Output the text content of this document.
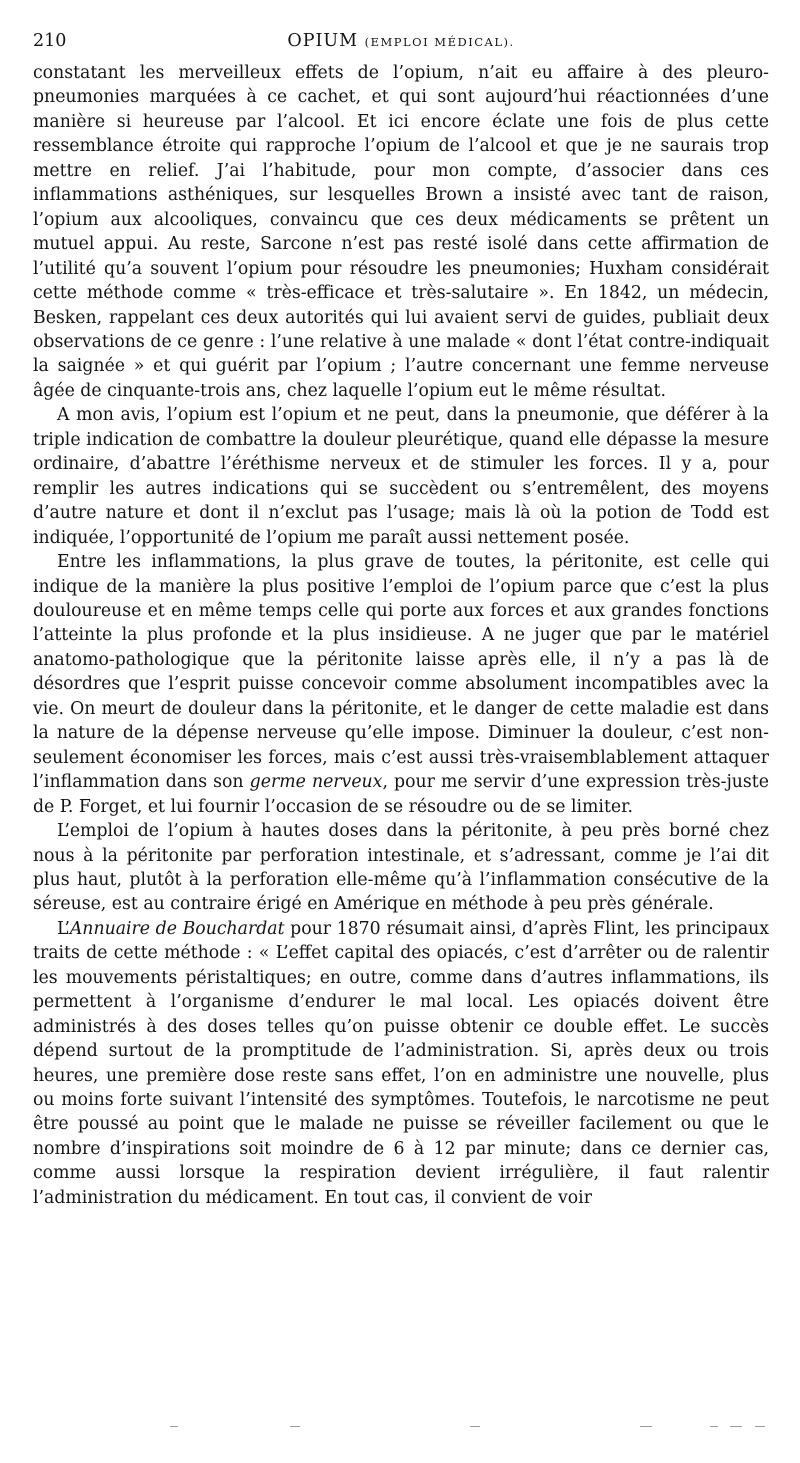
210	OPIUM (EMPLOI MÉDICAL).

constatant les merveilleux effets de l’opium, n’ait eu affaire à des pleuro-pneumonies marquées à ce cachet, et qui sont aujourd’hui réactionnées d’une manière si heureuse par l’alcool. Et ici encore éclate une fois de plus cette ressemblance étroite qui rapproche l’opium de l’alcool et que je ne saurais trop mettre en relief. J’ai l’habitude, pour mon compte, d’associer dans ces inflammations asthéniques, sur lesquelles Brown a insisté avec tant de raison, l’opium aux alcooliques, convaincu que ces deux médicaments se prêtent un mutuel appui. Au reste, Sarcone n’est pas resté isolé dans cette affirmation de l’utilité qu’a souvent l’opium pour résoudre les pneumonies; Huxham considérait cette méthode comme « très-efficace et très-salutaire ». En 1842, un médecin, Besken, rappelant ces deux autorités qui lui avaient servi de guides, publiait deux observations de ce genre : l’une relative à une malade « dont l’état contre-indiquait la saignée » et qui guérit par l’opium ; l’autre concernant une femme nerveuse âgée de cinquante-trois ans, chez laquelle l’opium eut le même résultat.

A mon avis, l’opium est l’opium et ne peut, dans la pneumonie, que déférer à la triple indication de combattre la douleur pleurétique, quand elle dépasse la mesure ordinaire, d’abattre l’éréthisme nerveux et de stimuler les forces. Il y a, pour remplir les autres indications qui se succèdent ou s’entremêlent, des moyens d’autre nature et dont il n’exclut pas l’usage; mais là où la potion de Todd est indiquée, l’opportunité de l’opium me paraît aussi nettement posée.

Entre les inflammations, la plus grave de toutes, la péritonite, est celle qui indique de la manière la plus positive l’emploi de l’opium parce que c’est la plus douloureuse et en même temps celle qui porte aux forces et aux grandes fonctions l’atteinte la plus profonde et la plus insidieuse. A ne juger que par le matériel anatomo-pathologique que la péritonite laisse après elle, il n’y a pas là de désordres que l’esprit puisse concevoir comme absolument incompatibles avec la vie. On meurt de douleur dans la péritonite, et le danger de cette maladie est dans la nature de la dépense nerveuse qu’elle impose. Diminuer la douleur, c’est non-seulement économiser les forces, mais c’est aussi très-vraisemblablement attaquer l’inflammation dans son germe nerveux, pour me servir d’une expression très-juste de P. Forget, et lui fournir l’occasion de se résoudre ou de se limiter.

L’emploi de l’opium à hautes doses dans la péritonite, à peu près borné chez nous à la péritonite par perforation intestinale, et s’adressant, comme je l’ai dit plus haut, plutôt à la perforation elle-même qu’à l’inflammation consécutive de la séreuse, est au contraire érigé en Amérique en méthode à peu près générale.

L’Annuaire de Bouchardat pour 1870 résumait ainsi, d’après Flint, les principaux traits de cette méthode : « L’effet capital des opiacés, c’est d’arrêter ou de ralentir les mouvements péristaltiques; en outre, comme dans d’autres inflammations, ils permettent à l’organisme d’endurer le mal local. Les opiacés doivent être administrés à des doses telles qu’on puisse obtenir ce double effet. Le succès dépend surtout de la promptitude de l’administration. Si, après deux ou trois heures, une première dose reste sans effet, l’on en administre une nouvelle, plus ou moins forte suivant l’intensité des symptômes. Toutefois, le narcotisme ne peut être poussé au point que le malade ne puisse se réveiller facilement ou que le nombre d’inspirations soit moindre de 6 à 12 par minute; dans ce dernier cas, comme aussi lorsque la respiration devient irrégulière, il faut ralentir l’administration du médicament. En tout cas, il convient de voir
